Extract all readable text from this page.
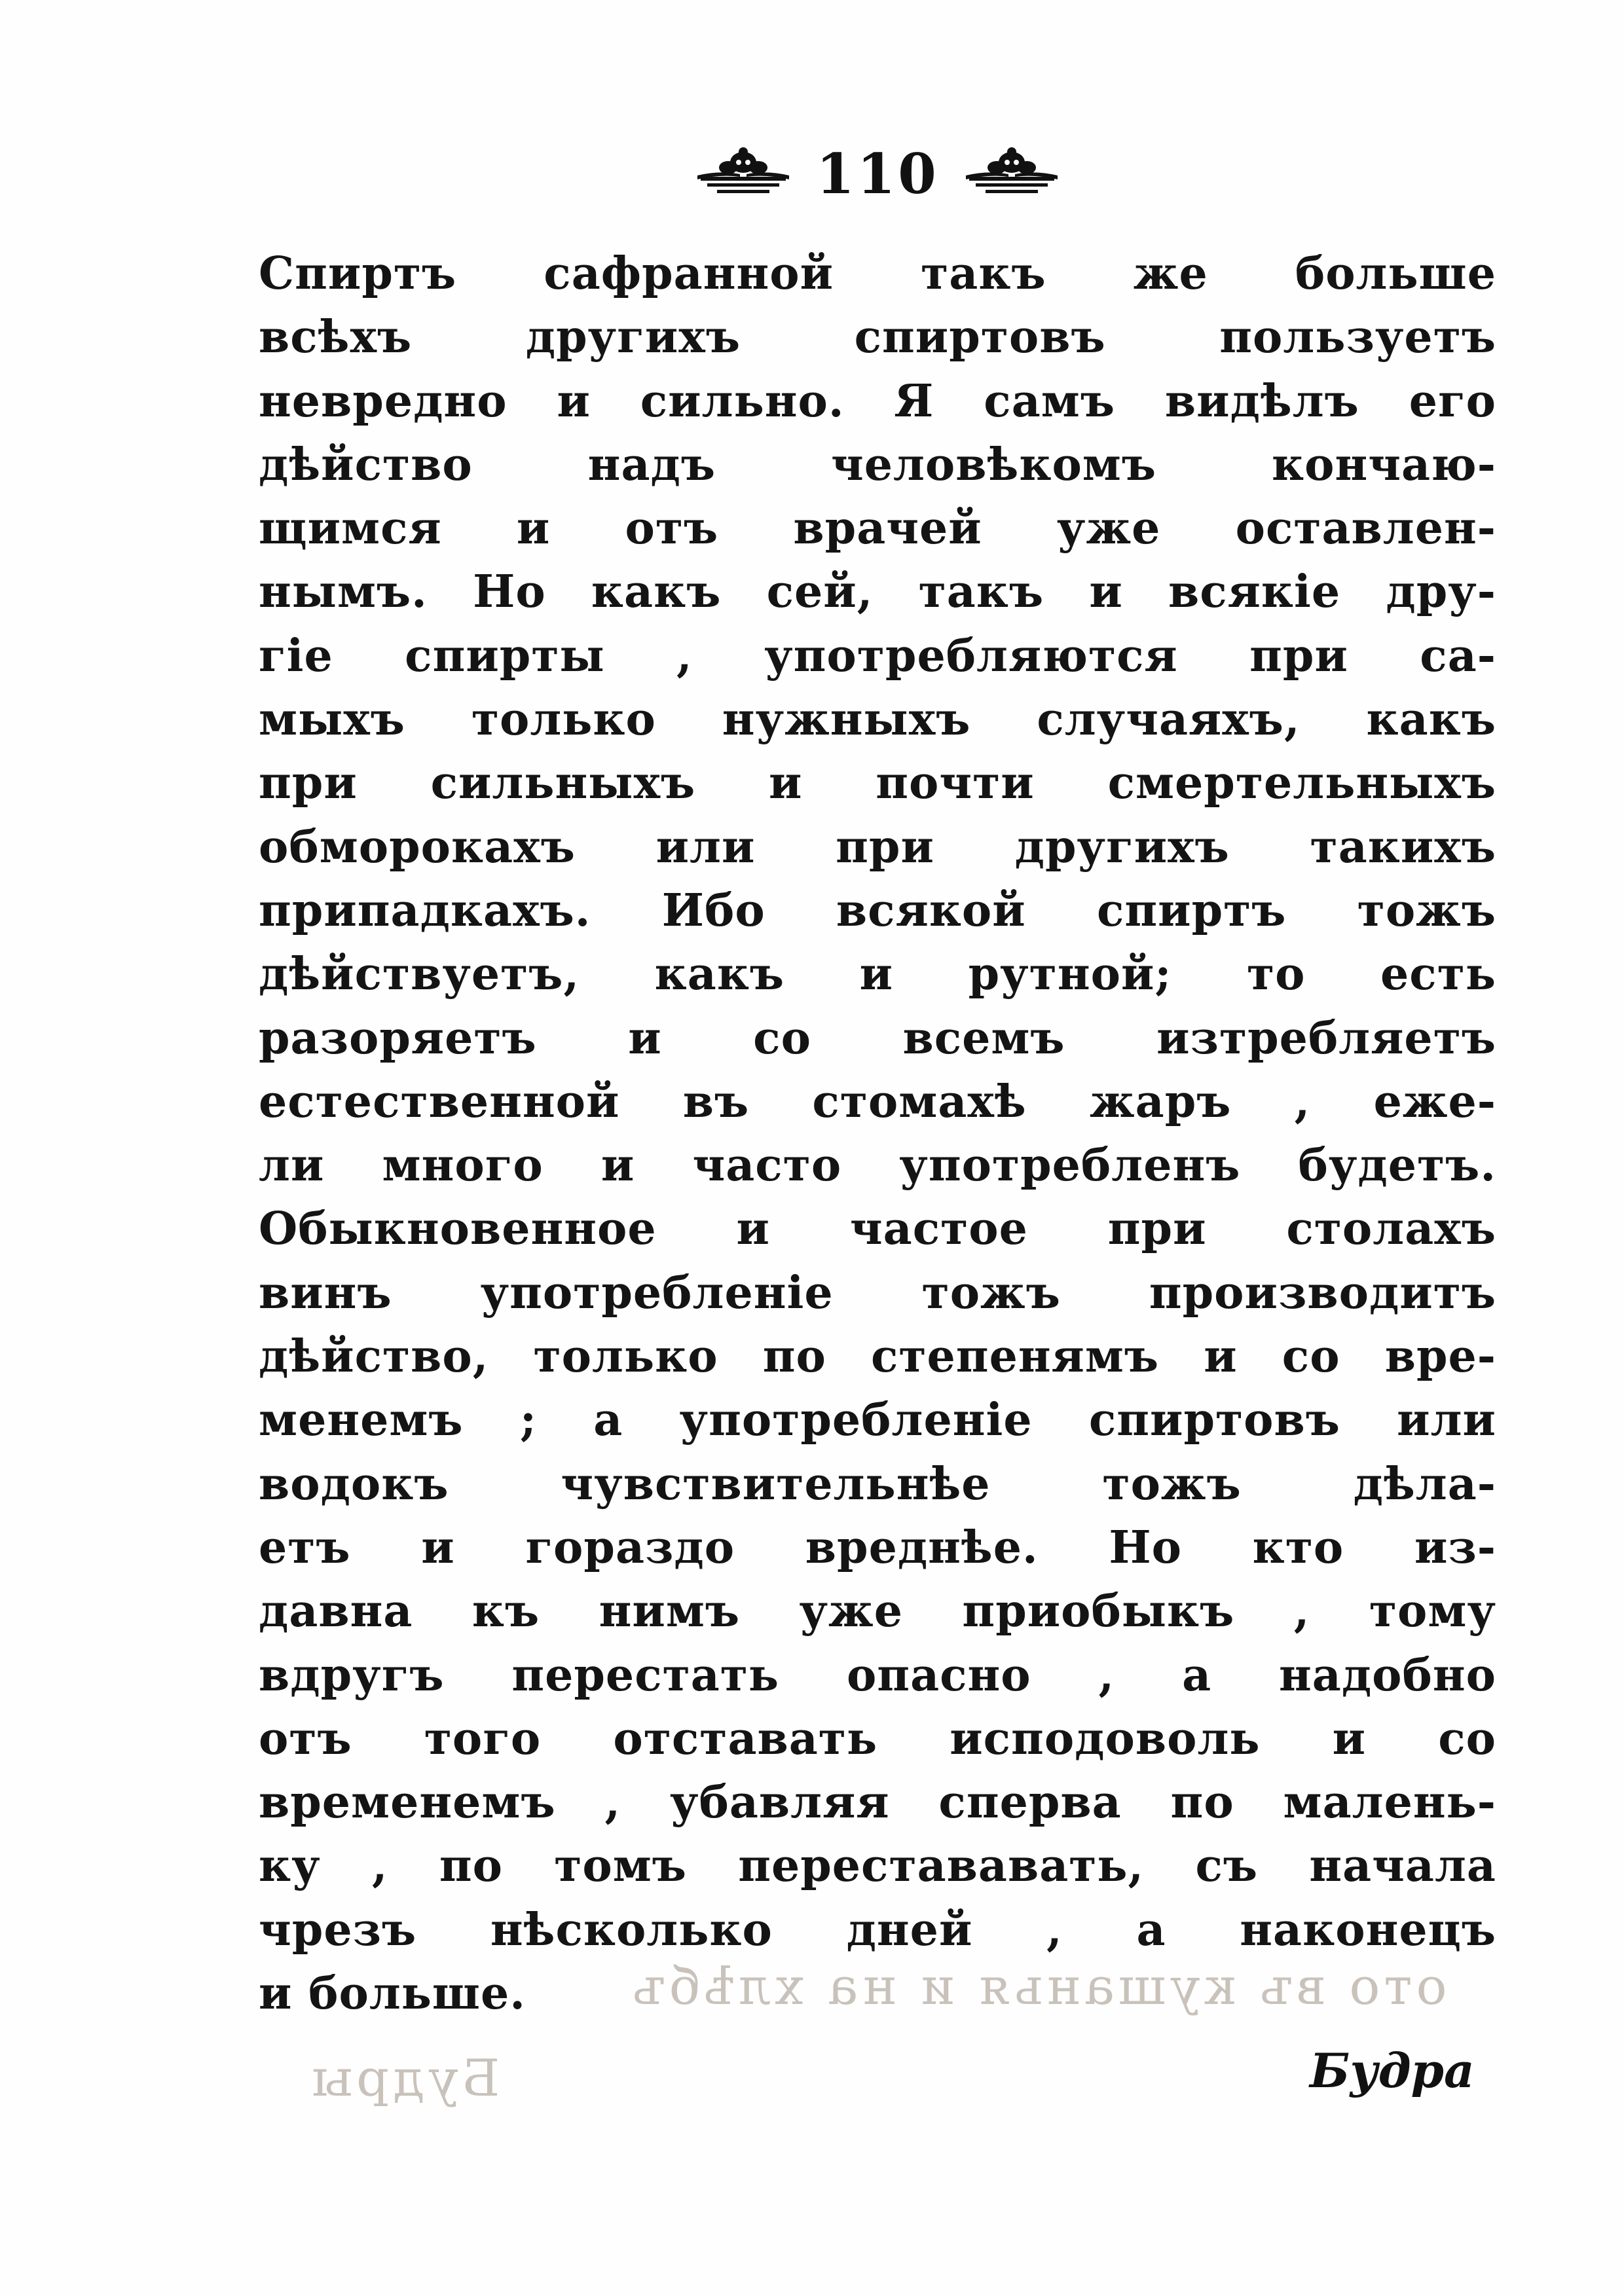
ото въ кушанья и на хлѣбъ
Будры
110
Спиртъ сафранной такъ же больше
всѣхъ другихъ спиртовъ пользуетъ
невредно и сильно. Я самъ видѣлъ его
дѣйство надъ человѣкомъ кончаю-
щимся и отъ врачей уже оставлен-
нымъ. Но какъ сей, такъ и всякіе дру-
гіе спирты , употребляются при са-
мыхъ только нужныхъ случаяхъ, какъ
при сильныхъ и почти смертельныхъ
обморокахъ или при другихъ такихъ
припадкахъ. Ибо всякой спиртъ тожъ
дѣйствуетъ, какъ и рутной; то есть
разоряетъ и со всемъ изтребляетъ
естественной въ стомахѣ жаръ , еже-
ли много и часто употребленъ будетъ.
Обыкновенное и частое при столахъ
винъ употребленіе тожъ производитъ
дѣйство, только по степенямъ и со вре-
менемъ ; а употребленіе спиртовъ или
водокъ чувствительнѣе тожъ дѣла-
етъ и гораздо вреднѣе. Но кто из-
давна къ нимъ уже приобыкъ , тому
вдругъ перестать опасно , а надобно
отъ того отставать исподоволь и со
временемъ , убавляя сперва по малень-
ку , по томъ перестававать, съ начала
чрезъ нѣсколько дней , а наконецъ
и больше.
Будра
